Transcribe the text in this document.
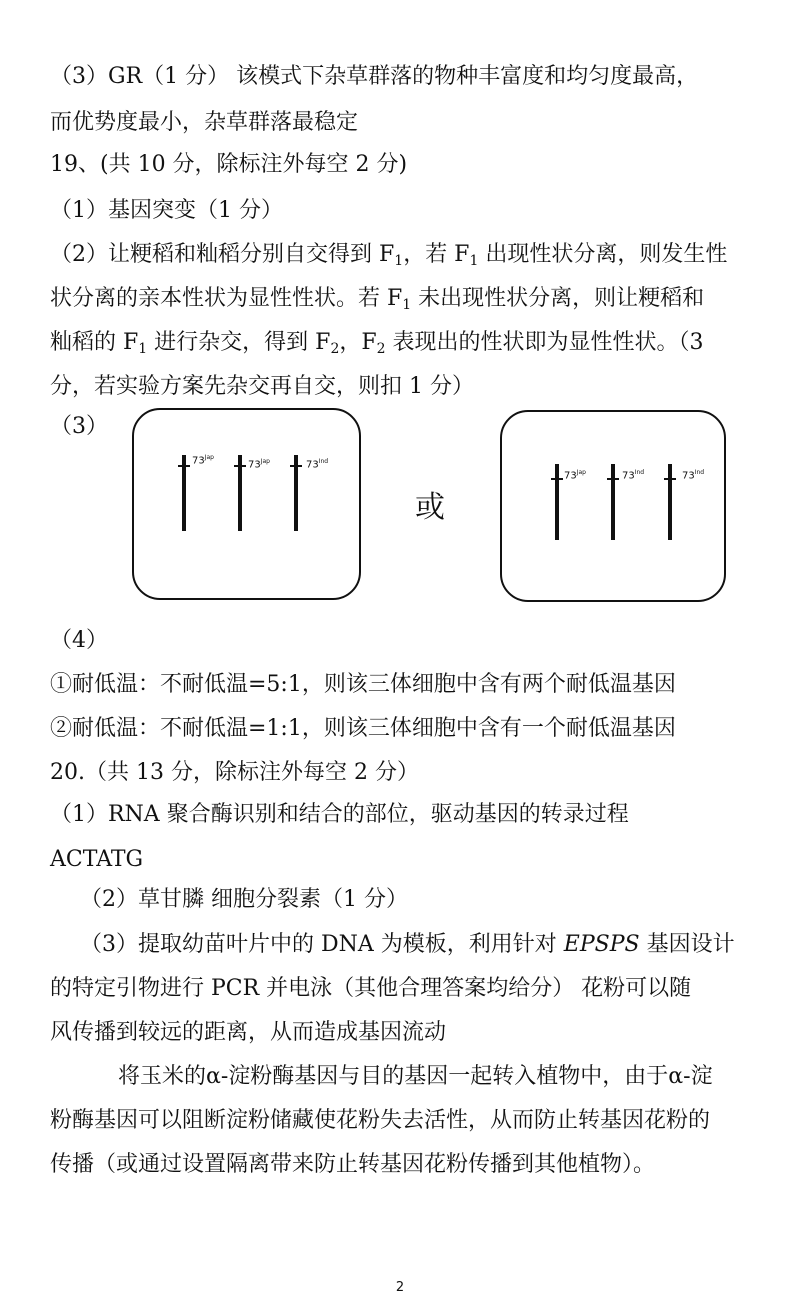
（3）GR（1 分） 该模式下杂草群落的物种丰富度和均匀度最高，
而优势度最小，杂草群落最稳定
19、(共 10 分，除标注外每空 2 分)
（1）基因突变（1 分）
（2）让粳稻和籼稻分别自交得到 $F_1$，若 $F_1$ 出现性状分离，则发生性
状分离的亲本性状为显性性状。若 $F_1$ 未出现性状分离，则让粳稻和
籼稻的 $F_1$ 进行杂交，得到 $F_2$，$F_2$ 表现出的性状即为显性性状。（3
分，若实验方案先杂交再自交，则扣 1 分）
（3）
$73^{Jap}$
$73^{Jap}$	$73^{Ind}$
或
$73^{Jap}$	$73^{Ind}$	$73^{Ind}$
（4）
①耐低温：不耐低温=5:1，则该三体细胞中含有两个耐低温基因
②耐低温：不耐低温=1:1，则该三体细胞中含有一个耐低温基因
20.（共 13 分，除标注外每空 2 分）
（1）RNA 聚合酶识别和结合的部位，驱动基因的转录过程
ACTATG
（2）草甘膦 细胞分裂素（1 分）
（3）提取幼苗叶片中的 DNA 为模板，利用针对 EPSPS 基因设计
的特定引物进行 PCR 并电泳（其他合理答案均给分） 花粉可以随
风传播到较远的距离，从而造成基因流动
将玉米的α-淀粉酶基因与目的基因一起转入植物中，由于α-淀
粉酶基因可以阻断淀粉储藏使花粉失去活性，从而防止转基因花粉的
传播（或通过设置隔离带来防止转基因花粉传播到其他植物）。
2
